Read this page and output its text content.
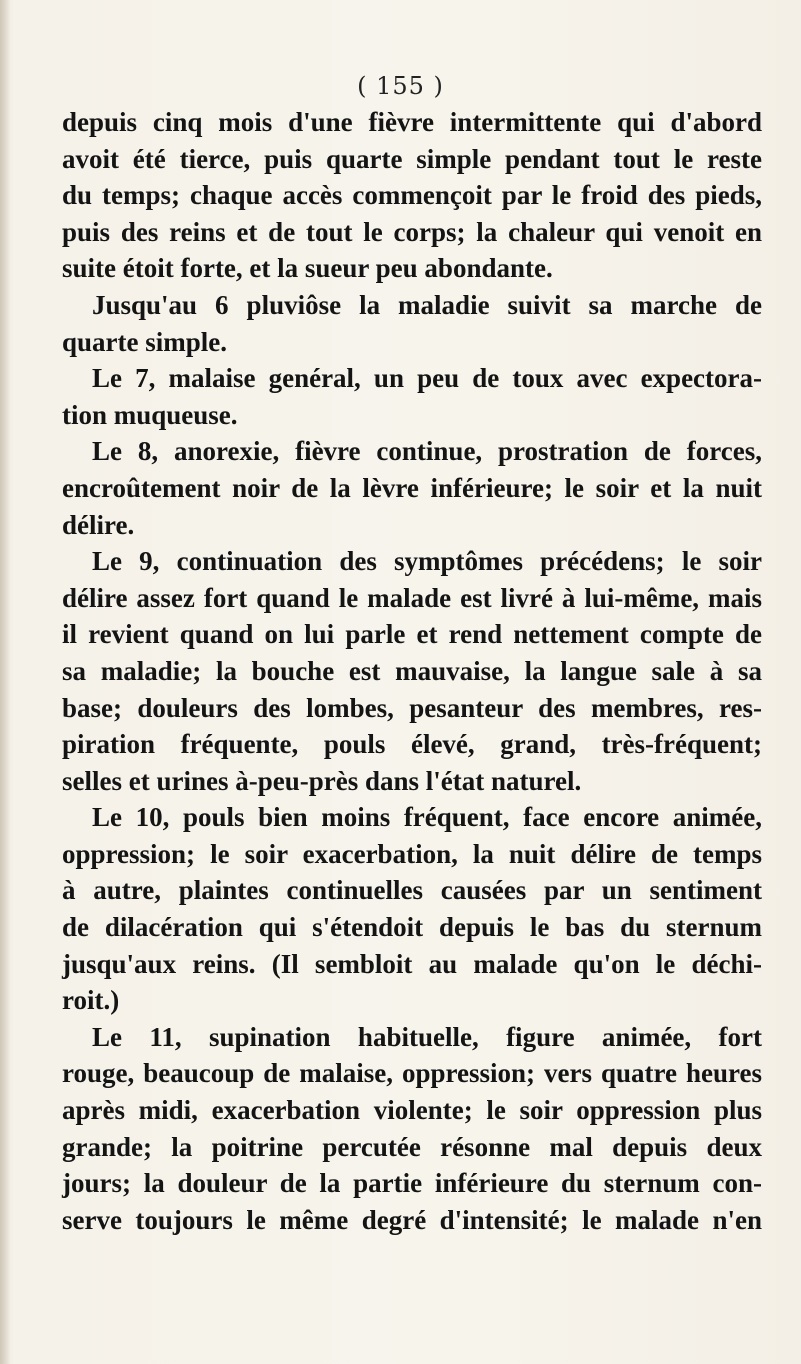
( 155 )
depuis cinq mois d'une fièvre intermittente qui d'abord
avoit été tierce, puis quarte simple pendant tout le reste
du temps; chaque accès commençoit par le froid des pieds,
puis des reins et de tout le corps; la chaleur qui venoit en
suite étoit forte, et la sueur peu abondante.
Jusqu'au 6 pluviôse la maladie suivit sa marche de
quarte simple.
Le 7, malaise genéral, un peu de toux avec expectora-
tion muqueuse.
Le 8, anorexie, fièvre continue, prostration de forces,
encroûtement noir de la lèvre inférieure; le soir et la nuit
délire.
Le 9, continuation des symptômes précédens; le soir
délire assez fort quand le malade est livré à lui-même, mais
il revient quand on lui parle et rend nettement compte de
sa maladie; la bouche est mauvaise, la langue sale à sa
base; douleurs des lombes, pesanteur des membres, res-
piration fréquente, pouls élevé, grand, très-fréquent;
selles et urines à-peu-près dans l'état naturel.
Le 10, pouls bien moins fréquent, face encore animée,
oppression; le soir exacerbation, la nuit délire de temps
à autre, plaintes continuelles causées par un sentiment
de dilacération qui s'étendoit depuis le bas du sternum
jusqu'aux reins. (Il sembloit au malade qu'on le déchi-
roit.)
Le 11, supination habituelle, figure animée, fort
rouge, beaucoup de malaise, oppression; vers quatre heures
après midi, exacerbation violente; le soir oppression plus
grande; la poitrine percutée résonne mal depuis deux
jours; la douleur de la partie inférieure du sternum con-
serve toujours le même degré d'intensité; le malade n'en
